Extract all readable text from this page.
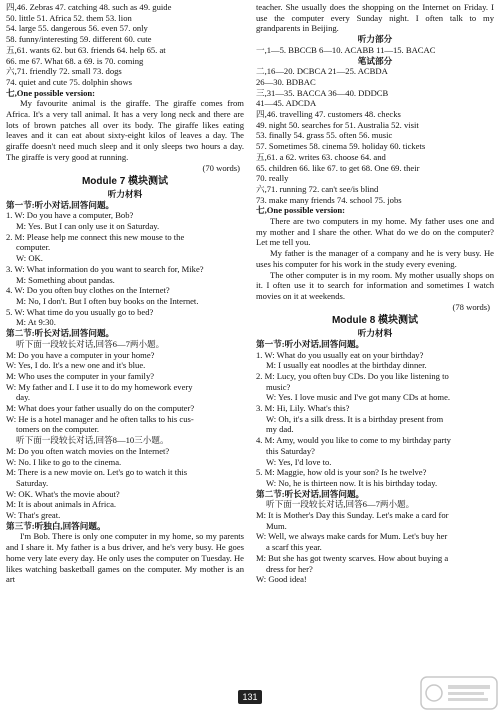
四,46. Zebras 47. catching 48. such as 49. guide
50. little 51. Africa 52. them 53. lion
54. large 55. dangerous 56. even 57. only
58. funny/interesting 59. different 60. cute
五,61. wants 62. but 63. friends 64. help 65. at
66. me 67. What 68. a 69. is 70. coming
六,71. friendly 72. small 73. dogs
74. quiet and cute 75. dolphin shows
七,One possible version:
My favourite animal is the giraffe. The giraffe comes from Africa. It's a very tall animal. It has a very long neck and there are lots of brown patches all over its body. The giraffe likes eating leaves and it can eat about sixty-eight kilos of leaves a day. The giraffe doesn't need much sleep and it only sleeps two hours a day. The giraffe is very good at running.
(70 words)
Module 7 模块测试
听力材料
第一节:听小对话,回答问题。
1. W: Do you have a computer, Bob?
M: Yes. But I can only use it on Saturday.
2. M: Please help me connect this new mouse to the
computer.
W: OK.
3. W: What information do you want to search for, Mike?
M: Something about pandas.
4. W: Do you often buy clothes on the Internet?
M: No, I don't. But I often buy books on the Internet.
5. W: What time do you usually go to bed?
M: At 9:30.
第二节:听长对话,回答问题。
听下面一段较长对话,回答6—7两小题。
M: Do you have a computer in your home?
W: Yes, I do. It's a new one and it's blue.
M: Who uses the computer in your family?
W: My father and I. I use it to do my homework every
day.
M: What does your father usually do on the computer?
W: He is a hotel manager and he often talks to his cus-
tomers on the computer.
听下面一段较长对话,回答8—10三小题。
M: Do you often watch movies on the Internet?
W: No. I like to go to the cinema.
M: There is a new movie on. Let's go to watch it this
Saturday.
W: OK. What's the movie about?
M: It is about animals in Africa.
W: That's great.
第三节:听独白,回答问题。
I'm Bob. There is only one computer in my home, so my parents and I share it. My father is a bus driver, and he's very busy. He goes home very late every day. He only uses the computer on Tuesday. He likes watching basketball games on the computer. My mother is an art
teacher. She usually does the shopping on the Internet on Friday. I use the computer every Sunday night. I often talk to my grandparents in Beijing.
听力部分
一,1—5. BBCCB 6—10. ACABB 11—15. BACAC
笔试部分
二,16—20. DCBCA 21—25. ACBDA
26—30. BDBAC
三,31—35. BACCA 36—40. DDDCB
41—45. ADCDA
四,46. travelling 47. customers 48. checks
49. night 50. searches for 51. Australia 52. visit
53. finally 54. grass 55. often 56. music
57. Sometimes 58. cinema 59. holiday 60. tickets
五,61. a 62. writes 63. choose 64. and
65. children 66. like 67. to get 68. One 69. their
70. really
六,71. running 72. can't see/is blind
73. make many friends 74. school 75. jobs
七,One possible version:
There are two computers in my home. My father uses one and my mother and I share the other. What do we do on the computer? Let me tell you.
My father is the manager of a company and he is very busy. He uses his computer for his work in the study every evening.
The other computer is in my room. My mother usually shops on it. I often use it to search for information and sometimes I watch movies on it at weekends.
(78 words)
Module 8 模块测试
听力材料
第一节:听小对话,回答问题。
1. W: What do you usually eat on your birthday?
M: I usually eat noodles at the birthday dinner.
2. M: Lucy, you often buy CDs. Do you like listening to
music?
W: Yes. I love music and I've got many CDs at home.
3. M: Hi, Lily. What's this?
W: Oh, it's a silk dress. It is a birthday present from
my dad.
4. M: Amy, would you like to come to my birthday party
this Saturday?
W: Yes, I'd love to.
5. M: Maggie, how old is your son? Is he twelve?
W: No, he is thirteen now. It is his birthday today.
第二节:听长对话,回答问题。
听下面一段较长对话,回答6—7两小题。
M: It is Mother's Day this Sunday. Let's make a card for
Mum.
W: Well, we always make cards for Mum. Let's buy her
a scarf this year.
M: But she has got twenty scarves. How about buying a
dress for her?
W: Good idea!
131
